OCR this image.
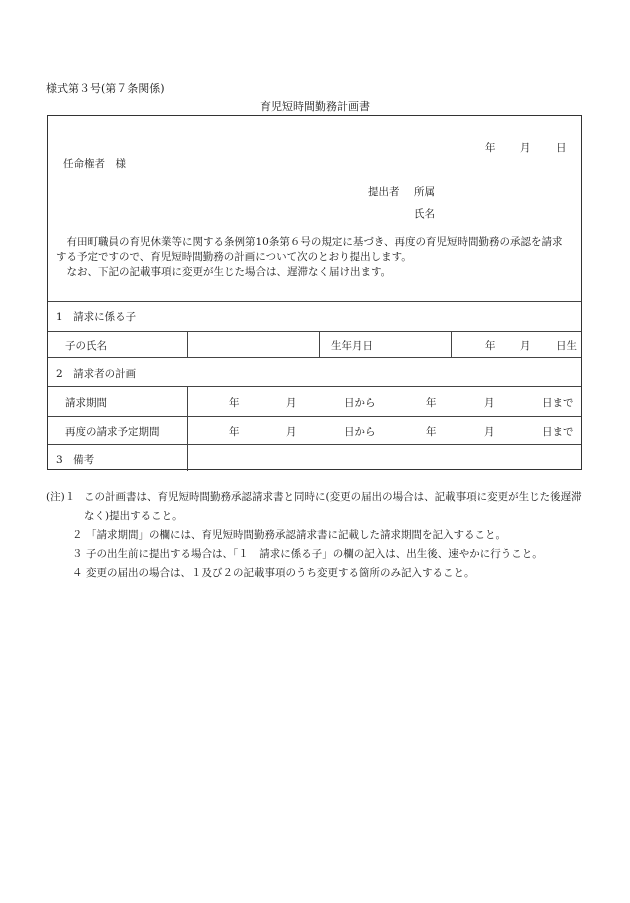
様式第３号(第７条関係)
育児短時間勤務計画書
年 月 日
任命権者　様
提出者 所属
氏名
有田町職員の育児休業等に関する条例第10条第６号の規定に基づき、再度の育児短時間勤務の承認を請求する予定ですので、育児短時間勤務の計画について次のとおり提出します。
なお、下記の記載事項に変更が生じた場合は、遅滞なく届け出ます。
1　請求に係る子
子の氏名	生年月日	年 月 日生
2　請求者の計画
請求期間	年	月	日から	年	月	日まで
再度の請求予定期間	年	月	日から	年	月	日まで
3　備考
(注)１ この計画書は、育児短時間勤務承認請求書と同時に(変更の届出の場合は、記載事項に変更が生じた後遅滞なく)提出すること。
２ 「請求期間」の欄には、育児短時間勤務承認請求書に記載した請求期間を記入すること。
３ 子の出生前に提出する場合は、「１　請求に係る子」の欄の記入は、出生後、速やかに行うこと。
４ 変更の届出の場合は、１及び２の記載事項のうち変更する箇所のみ記入すること。
